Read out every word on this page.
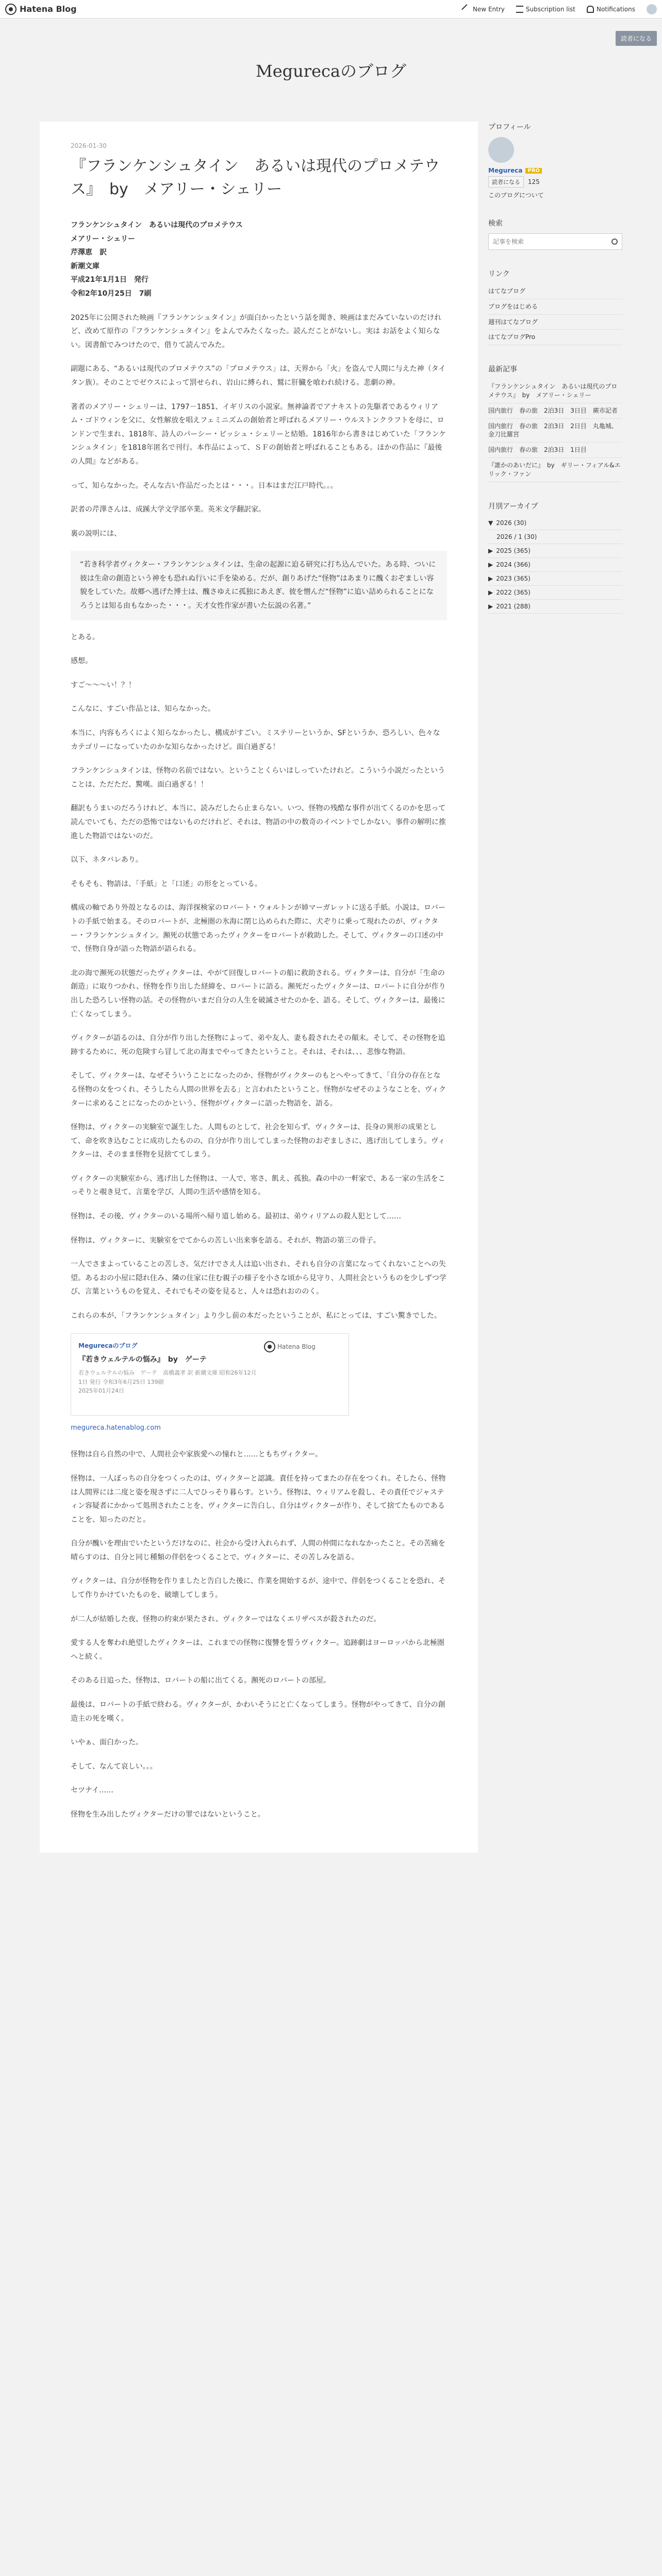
Hatena Blog	New Entry	Subscription list	Notifications
読者になる
Megurecaのブログ
2026-01-30
『フランケンシュタイン　あるいは現代のプロメテウス』　by　メアリー・シェリー

フランケンシュタイン　あるいは現代のプロメテウス
メアリー・シェリー
芹澤恵　訳
新潮文庫
平成21年1月1日　発行
令和2年10月25日　7刷

2025年に公開された映画『フランケンシュタイン』が面白かったという話を聞き、映画はまだみていないのだけれど、改めて原作の『フランケンシュタイン』をよんでみたくなった。読んだことがないし。実は お話をよく知らない。図書館でみつけたので、借りて読んでみた。

副題にある、“あるいは現代のプロメテウス”の「プロメテウス」は、天界から「火」を盗んで人間に与えた神（タイタン族）。そのことでゼウスによって罰せられ、岩山に縛られ、鷲に肝臓を喰われ続ける。悲劇の神。

著者のメアリー・シェリーは、1797－1851、イギリスの小説家。無神論者でアナキストの先駆者であるウィリアム・ゴドウィンを父に、女性解放を唱えフェミニズムの創始者と呼ばれるメアリー・ウルストンクラフトを母に、ロンドンで生まれ、1818年、詩人のパーシー・ビッシュ・シェリーと結婚。1816年から書きはじめていた「フランケンシュタイン」を1818年匿名で刊行。本作品によって、ＳＦの創始者と呼ばれることもある。ほかの作品に『最後の人間』などがある。

って、知らなかった。そんな古い作品だったとは・・・。日本はまだ江戸時代。。。

訳者の芹澤さんは、成蹊大学文学部卒業。英米文学翻訳家。

裏の説明には、

“若き科学者ヴィクター・フランケンシュタインは、生命の起源に迫る研究に打ち込んでいた。ある時、ついに彼は生命の創造という神をも恐れぬ行いに手を染める。だが、創りあげた“怪物”はあまりに醜くおぞましい容貌をしていた。故郷へ逃げた博士は、醜さゆえに孤独にあえぎ、彼を憎んだ“怪物”に追い詰められることになろうとは知る由もなかった・・・。天才女性作家が書いた伝説の名著。”

とある。

感想。

すご〜〜〜い！？！

こんなに、すごい作品とは、知らなかった。

本当に、内容もろくによく知らなかったし、構成がすごい。ミステリーというか、SFというか、恐ろしい、色々なカテゴリーになっていたのかな知らなかったけど。面白過ぎる！

フランケンシュタインは、怪物の名前ではない。ということくらいはしっていたけれど。こういう小説だったということは、ただただ、驚嘆。面白過ぎる！！

翻訳もうまいのだろうけれど、本当に、読みだしたら止まらない。いつ、怪物の残酷な事件が出てくるのかを思って読んでいても、ただの恐怖ではないものだけれど、それは、物語の中の数奇のイベントでしかない。事件の解明に推進した物語ではないのだ。

以下、ネタバレあり。

そもそも、物語は、「手紙」と「口述」の形をとっている。

構成の軸であり外殻となるのは、海洋探検家のロバート・ウォルトンが姉マーガレットに送る手紙。小説は、ロバートの手紙で始まる。そのロバートが、北極圏の氷海に閉じ込められた際に、犬ぞりに乗って現れたのが、ヴィクター・フランケンシュタイン。瀕死の状態であったヴィクターをロバートが救助した。そして、ヴィクターの口述の中で、怪物自身が語った物語が語られる。

北の海で瀕死の状態だったヴィクターは、やがて回復しロバートの船に救助される。ヴィクターは、自分が「生命の創造」に取りつかれ、怪物を作り出した経緯を、ロバートに語る。瀕死だったヴィクターは、ロバートに自分が作り出した恐ろしい怪物の話。その怪物がいまだ自分の人生を破滅させたのかを、語る。そして、ヴィクターは、最後に亡くなってしまう。

ヴィクターが語るのは、自分が作り出した怪物によって、弟や友人、妻も殺されたその顛末。そして、その怪物を追跡するために、死の危険すら冒して北の海までやってきたということ。それは、それは、、、悲惨な物語。

そして、ヴィクターは、なぜそういうことになったのか、怪物がヴィクターのもとへやってきて、「自分の存在となる怪物の女をつくれ、そうしたら人間の世界を去る」と言われたということ。怪物がなぜそのようなことを、ヴィクターに求めることになったのかという、怪物がヴィクターに語った物語を、語る。

怪物は、ヴィクターの実験室で誕生した。人間ものとして、社会を知らず、ヴィクターは、長身の異形の成果として、命を吹き込むことに成功したものの、自分が作り出してしまった怪物のおぞましさに、逃げ出してしまう。ヴィクターは、そのまま怪物を見捨ててしまう。

ヴィクターの実験室から、逃げ出した怪物は、一人で、寒さ、飢え、孤独。森の中の一軒家で、ある一家の生活をこっそりと覗き見て、言葉を学び、人間の生活や感情を知る。

怪物は、その後、ヴィクターのいる場所へ帰り道し始める。最初は、弟ウィリアムの殺人犯として……

怪物は、ヴィクターに、実験室をでてからの苦しい出来事を語る。それが、物語の第三の骨子。

一人でさまよっていることの苦しさ。気だけでさえ人は追い出され、それも自分の言葉になってくれないことへの失望。あるおの小屋に隠れ住み、隣の住家に住む親子の様子を小さな頃から見守り、人間社会というものを少しずつ学び、言葉というものを覚え、それでもその姿を見ると、人々は恐れおののく。

これらの本が、「フランケンシュタイン」より少し前の本だったということが、私にとっては、すごい驚きでした。

Megurecaのブログ
『若きウェルテルの悩み』　by　ゲーテ
若きウェルテルの悩み　ゲーテ　高橋義孝 訳 新潮文庫 昭和26年12月　1日 発行 令和3年6月25日 139刷
2025年01月24日
Hatena Blog
megureca.hatenablog.com

怪物は自ら自然の中で、人間社会や家族愛への憧れと……ともちヴィクター。

怪物は、一人ぼっちの自分をつくったのは、ヴィクターと認識。責任を持ってまたの存在をつくれ。そしたら、怪物は人間界には二度と姿を現さずに二人でひっそり暮らす。という。怪物は、ウィリアムを殺し、その責任でジャスティン容疑者にかかって処刑されたことを、ヴィクターに告白し、自分はヴィクターが作り、そして捨てたものであることを、知ったのだと。

自分が醜いを理由でいたというだけなのに、社会から受け入れられず、人間の仲間になれなかったこと。その苦痛を晴らすのは、自分と同じ種類の伴侶をつくることで。ヴィクターに、その苦しみを語る。

ヴィクターは、自分が怪物を作りましたと告白した後に、作業を開始するが、途中で、伴侶をつくることを恐れ、そして作りかけていたものを、破壊してしまう。

が二人が結婚した夜、怪物の約束が果たされ、ヴィクターではなくエリザベスが殺されたのだ。

愛する人を奪われ絶望したヴィクターは、これまでの怪物に復讐を誓うヴィクター。追跡劇はヨーロッパから北極圏へと続く。

そのある日追った、怪物は、ロバートの船に出てくる。瀕死のロバートの部屋。

最後は、ロバートの手紙で終わる。ヴィクターが、かわいそうにと亡くなってしまう。怪物がやってきて、自分の創造主の死を嘆く。

いやぁ、面白かった。

そして、なんて哀しい。。。

セツナイ……

怪物を生み出したヴィクターだけの罪ではないということ。

プロフィール
Megureca	PRO
読者になる 125
このブログについて
検索
記事を検索
リンク
はてなブログ
ブログをはじめる
週刊はてなブログ
はてなブログPro
最新記事
『フランケンシュタイン　あるいは現代のプロメテウス』　by　メアリー・シェリー
国内旅行　春の旅　2泊3日　3日目　蕨市記者
国内旅行　春の旅　2泊3日　2日目　丸亀城、金刀比羅宮
国内旅行　春の旅　2泊3日　1日目
『誰かのあいだに』　by　ギリー・フィアル&エリック・ファン
月別アーカイブ
▼ 2026 (30)
2026 / 1 (30)
▶ 2025 (365)
▶ 2024 (366)
▶ 2023 (365)
▶ 2022 (365)
▶ 2021 (288)
